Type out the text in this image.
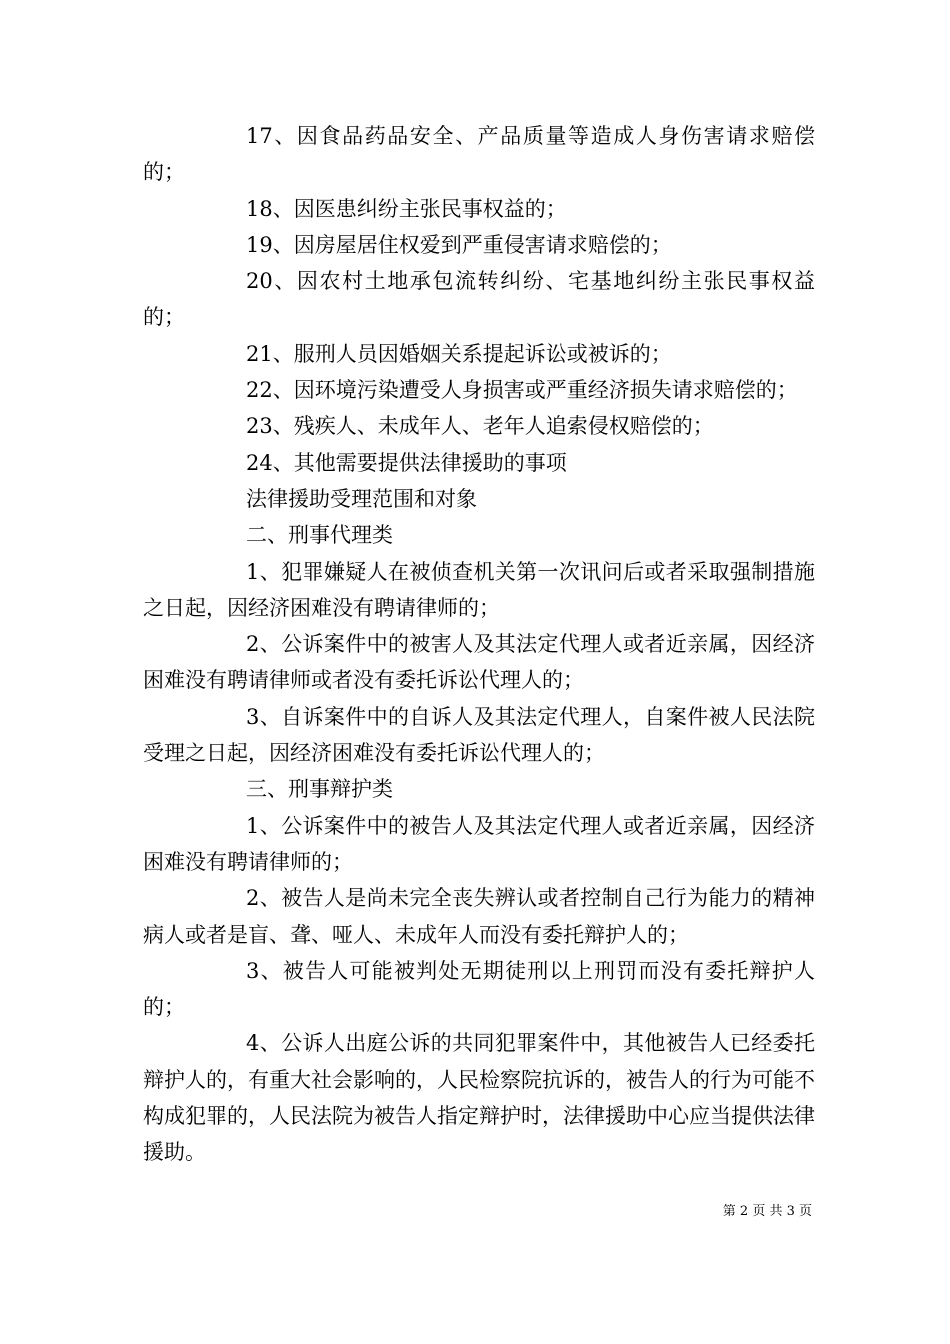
17、因食品药品安全、产品质量等造成人身伤害请求赔偿的；

18、因医患纠纷主张民事权益的；

19、因房屋居住权爱到严重侵害请求赔偿的；

20、因农村土地承包流转纠纷、宅基地纠纷主张民事权益的；

21、服刑人员因婚姻关系提起诉讼或被诉的；

22、因环境污染遭受人身损害或严重经济损失请求赔偿的；

23、残疾人、未成年人、老年人追索侵权赔偿的；

24、其他需要提供法律援助的事项

法律援助受理范围和对象

二、刑事代理类

1、犯罪嫌疑人在被侦查机关第一次讯问后或者采取强制措施之日起，因经济困难没有聘请律师的；

2、公诉案件中的被害人及其法定代理人或者近亲属，因经济困难没有聘请律师或者没有委托诉讼代理人的；

3、自诉案件中的自诉人及其法定代理人，自案件被人民法院受理之日起，因经济困难没有委托诉讼代理人的；

三、刑事辩护类

1、公诉案件中的被告人及其法定代理人或者近亲属，因经济困难没有聘请律师的；

2、被告人是尚未完全丧失辨认或者控制自己行为能力的精神病人或者是盲、聋、哑人、未成年人而没有委托辩护人的；

3、被告人可能被判处无期徒刑以上刑罚而没有委托辩护人的；

4、公诉人出庭公诉的共同犯罪案件中，其他被告人已经委托辩护人的，有重大社会影响的，人民检察院抗诉的，被告人的行为可能不构成犯罪的，人民法院为被告人指定辩护时，法律援助中心应当提供法律援助。

第 2 页 共 3 页
